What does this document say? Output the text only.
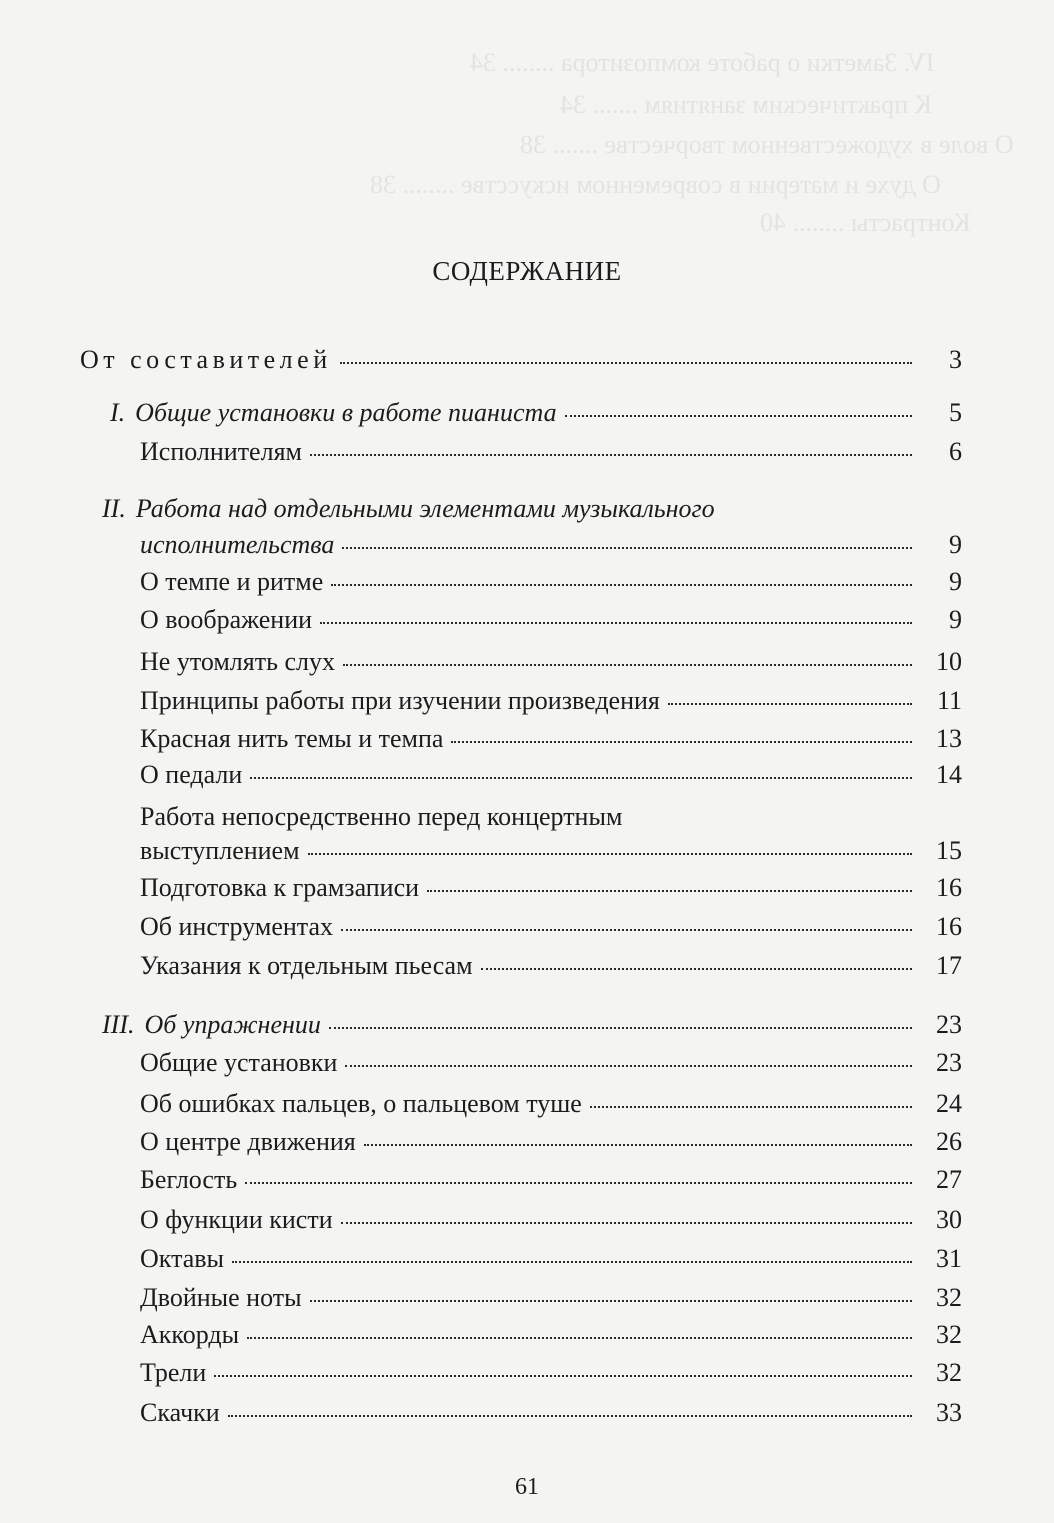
IV. Заметки о работе композитора ........ 34
К практическим занятиям ....... 34
О воле в художественном творчестве ....... 38
О духе и материи в современном искусстве ........ 38
Контрасты ........ 40
СОДЕРЖАНИЕ
От составителей	3
I. Общие установки в работе пианиста	5
Исполнителям	6
II. Работа над отдельными элементами музыкального
исполнительства	9
О темпе и ритме	9
О воображении	9
Не утомлять слух	10
Принципы работы при изучении произведения	11
Красная нить темы и темпа	13
О педали	14
Работа непосредственно перед концертным
выступлением	15
Подготовка к грамзаписи	16
Об инструментах	16
Указания к отдельным пьесам	17
III. Об упражнении	23
Общие установки	23
Об ошибках пальцев, о пальцевом туше	24
О центре движения	26
Беглость	27
О функции кисти	30
Октавы	31
Двойные ноты	32
Аккорды	32
Трели	32
Скачки	33
61
